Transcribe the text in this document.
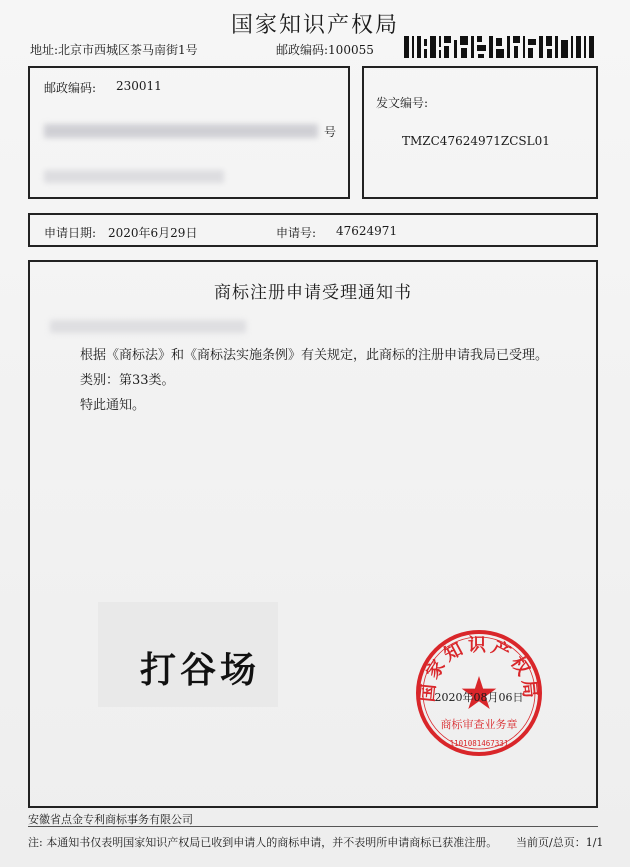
国家知识产权局
地址:北京市西城区茶马南街1号	邮政编码:100055
邮政编码: 230011
号
发文编号:
TMZC47624971ZCSL01
申请日期: 2020年6月29日	申请号: 47624971
商标注册申请受理通知书
根据《商标法》和《商标法实施条例》有关规定，此商标的注册申请我局已受理。
类别：第33类。
特此通知。
打谷场	国家知识产权局
2020年08月06日
商标审查业务章
1101081467331
安徽省点金专利商标事务有限公司
注: 本通知书仅表明国家知识产权局已收到申请人的商标申请，并不表明所申请商标已获准注册。 当前页/总页：1/1
